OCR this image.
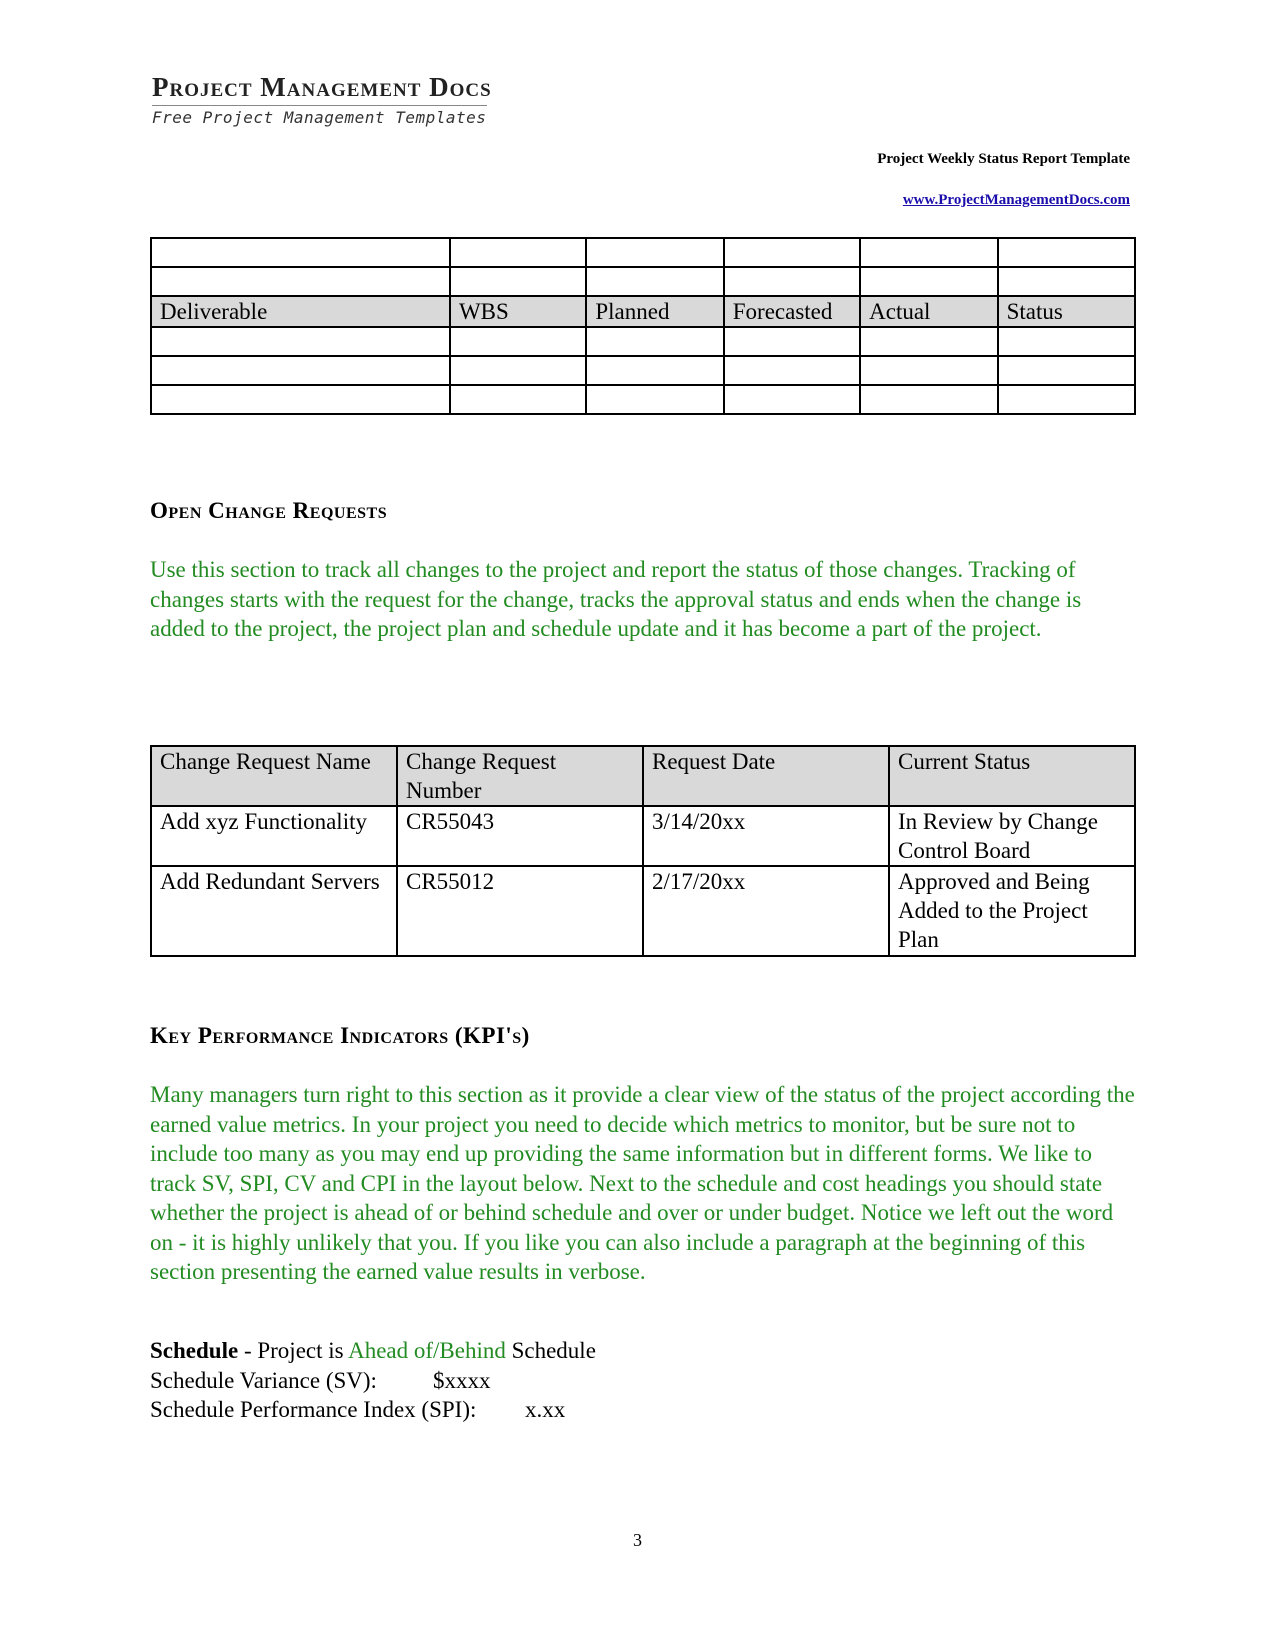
Project Management Docs
Free Project Management Templates
Project Weekly Status Report Template
www.ProjectManagementDocs.com

Deliverable	WBS	Planned	Forecasted	Actual	Status

Open Change Requests
Use this section to track all changes to the project and report the status of those changes. Tracking of changes starts with the request for the change, tracks the approval status and ends when the change is added to the project, the project plan and schedule update and it has become a part of the project.
Change Request Name	Change Request Number	Request Date	Current Status
Add xyz Functionality	CR55043	3/14/20xx	In Review by Change Control Board
Add Redundant Servers	CR55012	2/17/20xx	Approved and Being Added to the Project Plan
Key Performance Indicators (KPI's)
Many managers turn right to this section as it provide a clear view of the status of the project according the earned value metrics. In your project you need to decide which metrics to monitor, but be sure not to include too many as you may end up providing the same information but in different forms. We like to track SV, SPI, CV and CPI in the layout below. Next to the schedule and cost headings you should state whether the project is ahead of or behind schedule and over or under budget. Notice we left out the word on - it is highly unlikely that you. If you like you can also include a paragraph at the beginning of this section presenting the earned value results in verbose.
Schedule - Project is Ahead of/Behind Schedule
Schedule Variance (SV): $xxxx
Schedule Performance Index (SPI): x.xx
3
